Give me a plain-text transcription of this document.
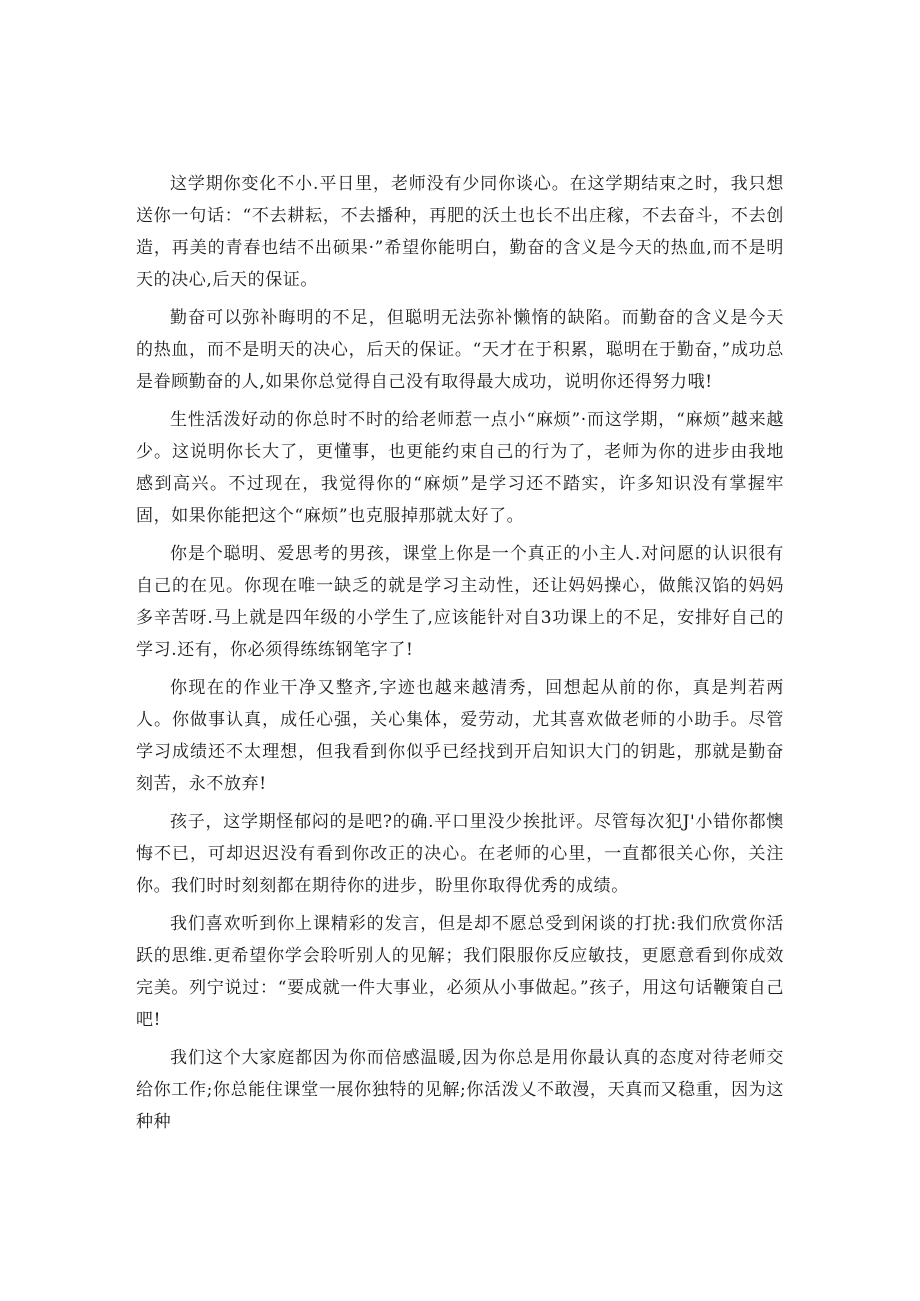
这学期你变化不小.平日里，老师没有少同你谈心。在这学期结束之时，我只想送你一句话：“不去耕耘，不去播种，再肥的沃土也长不出庄稼，不去奋斗，不去创造，再美的青春也结不出硕果·”希望你能明白，勤奋的含义是今天的热血,而不是明天的决心,后天的保证。

勤奋可以弥补晦明的不足，但聪明无法弥补懒惰的缺陷。而勤奋的含义是今天的热血，而不是明天的决心，后天的保证。“天才在于积累，聪明在于勤奋，”成功总是眷顾勤奋的人,如果你总觉得自己没有取得最大成功，说明你还得努力哦!

生性活泼好动的你总时不时的给老师惹一点小“麻烦”·而这学期，“麻烦”越来越少。这说明你长大了，更懂事，也更能约束自己的行为了，老师为你的进步由我地感到高兴。不过现在，我觉得你的“麻烦”是学习还不踏实，许多知识没有掌握牢固，如果你能把这个“麻烦”也克服掉那就太好了。

你是个聪明、爱思考的男孩，课堂上你是一个真正的小主人.对问愿的认识很有自己的在见。你现在唯一缺乏的就是学习主动性，还让妈妈操心，做熊汉馅的妈妈多辛苦呀.马上就是四年级的小学生了,应该能针对自3功课上的不足，安排好自己的学习.还有，你必须得练练钢笔字了!

你现在的作业干净又整齐,字迹也越来越清秀，回想起从前的你，真是判若两人。你做事认真，成任心强，关心集体，爱劳动，尤其喜欢做老师的小助手。尽管学习成绩还不太理想，但我看到你似乎已经找到开启知识大门的钥匙，那就是勤奋刻苦，永不放弃!

孩子，这学期怪郁闷的是吧?的确.平口里没少挨批评。尽管每次犯J'小错你都懊悔不已，可却迟迟没有看到你改正的决心。在老师的心里，一直都很关心你，关注你。我们时时刻刻都在期待你的进步，盼里你取得优秀的成绩。

我们喜欢听到你上课精彩的发言，但是却不愿总受到闲谈的打扰:我们欣赏你活跃的思维.更希望你学会聆听别人的见解；我们限服你反应敏技，更愿意看到你成效完美。列宁说过：“要成就一件大事业，必须从小事做起。”孩子，用这句话鞭策自己吧!

我们这个大家庭都因为你而倍感温暖,因为你总是用你最认真的态度对待老师交给你工作;你总能住课堂一展你独特的见解;你活泼乂不敢漫，天真而又稳重，因为这种种
